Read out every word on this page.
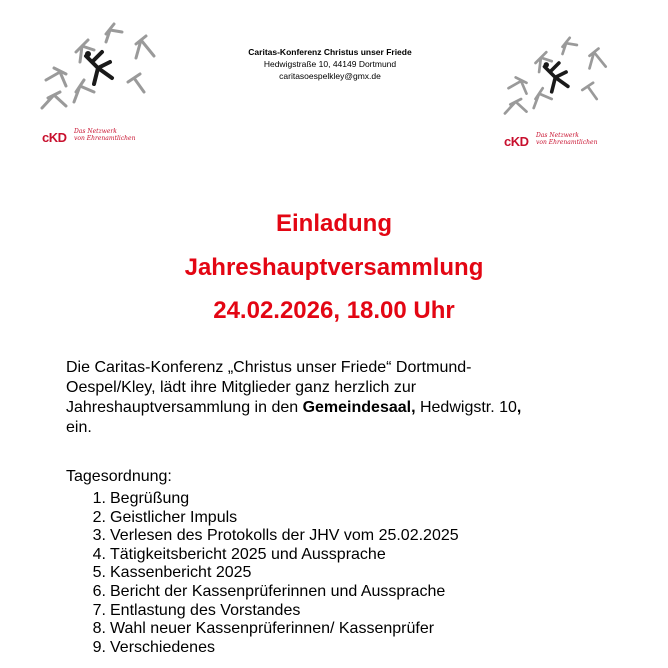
cKD Das Netzwerk
von Ehrenamtlichen
Caritas-Konferenz Christus unser Friede
Hedwigstraße 10, 44149 Dortmund
caritasoespelkley@gmx.de
cKD Das Netzwerk
von Ehrenamtlichen
Einladung
Jahreshauptversammlung
24.02.2026, 18.00 Uhr
Die Caritas-Konferenz „Christus unser Friede“ Dortmund-Oespel/Kley, lädt ihre Mitglieder ganz herzlich zur Jahreshauptversammlung in den Gemeindesaal, Hedwigstr. 10, ein.
Tagesordnung:
1. Begrüßung
2. Geistlicher Impuls
3. Verlesen des Protokolls der JHV vom 25.02.2025
4. Tätigkeitsbericht 2025 und Aussprache
5. Kassenbericht 2025
6. Bericht der Kassenprüferinnen und Aussprache
7. Entlastung des Vorstandes
8. Wahl neuer Kassenprüferinnen/ Kassenprüfer
9. Verschiedenes
